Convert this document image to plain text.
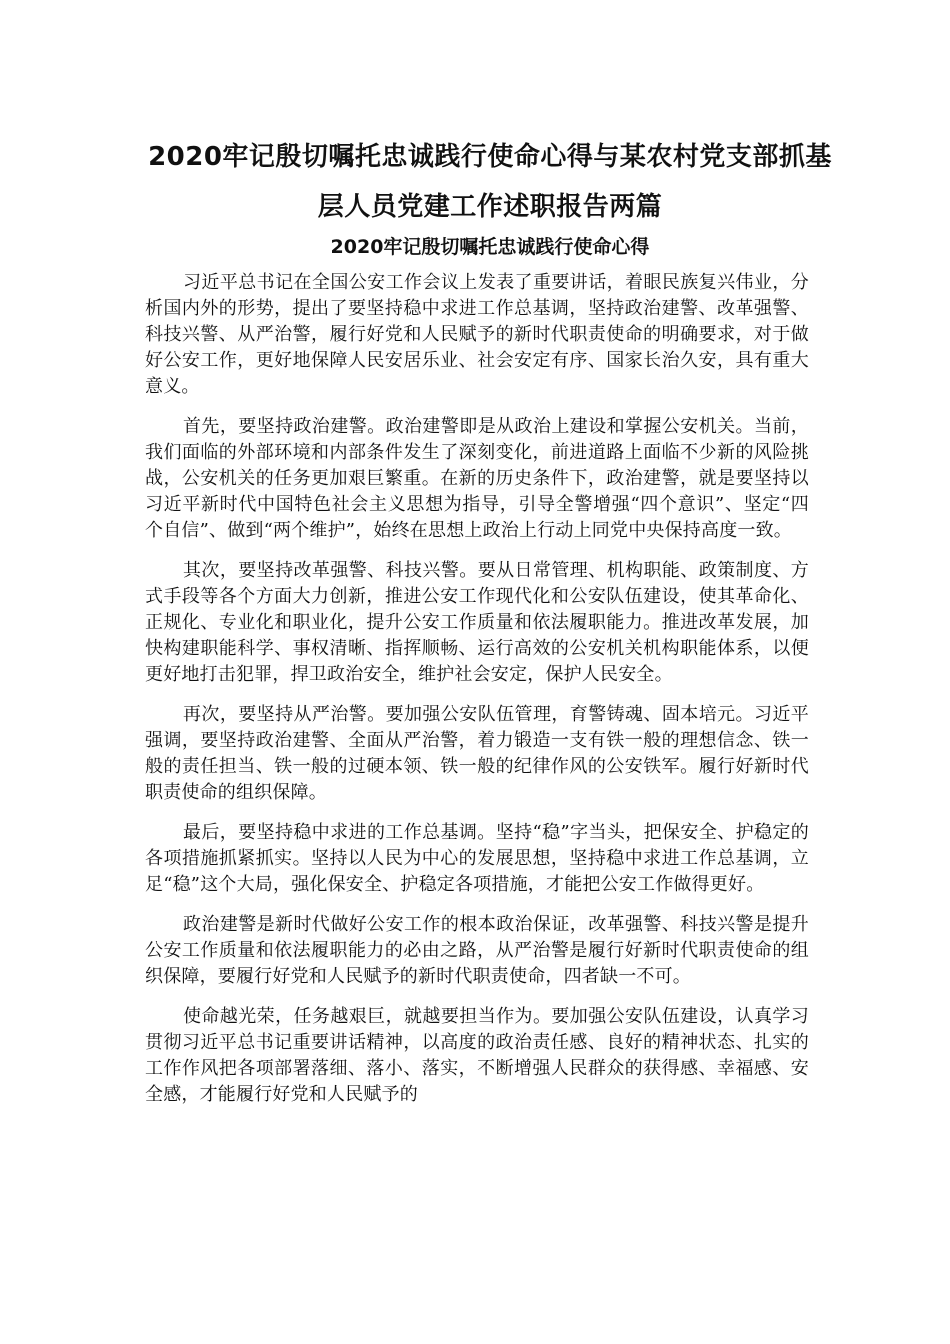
2020牢记殷切嘱托忠诚践行使命心得与某农村党支部抓基层人员党建工作述职报告两篇
2020牢记殷切嘱托忠诚践行使命心得

习近平总书记在全国公安工作会议上发表了重要讲话，着眼民族复兴伟业，分析国内外的形势，提出了要坚持稳中求进工作总基调，坚持政治建警、改革强警、科技兴警、从严治警，履行好党和人民赋予的新时代职责使命的明确要求，对于做好公安工作，更好地保障人民安居乐业、社会安定有序、国家长治久安，具有重大意义。

首先，要坚持政治建警。政治建警即是从政治上建设和掌握公安机关。当前，我们面临的外部环境和内部条件发生了深刻变化，前进道路上面临不少新的风险挑战，公安机关的任务更加艰巨繁重。在新的历史条件下，政治建警，就是要坚持以习近平新时代中国特色社会主义思想为指导，引导全警增强“四个意识”、坚定“四个自信”、做到“两个维护”，始终在思想上政治上行动上同党中央保持高度一致。

其次，要坚持改革强警、科技兴警。要从日常管理、机构职能、政策制度、方式手段等各个方面大力创新，推进公安工作现代化和公安队伍建设，使其革命化、正规化、专业化和职业化，提升公安工作质量和依法履职能力。推进改革发展，加快构建职能科学、事权清晰、指挥顺畅、运行高效的公安机关机构职能体系，以便更好地打击犯罪，捍卫政治安全，维护社会安定，保护人民安全。

再次，要坚持从严治警。要加强公安队伍管理，育警铸魂、固本培元。习近平强调，要坚持政治建警、全面从严治警，着力锻造一支有铁一般的理想信念、铁一般的责任担当、铁一般的过硬本领、铁一般的纪律作风的公安铁军。履行好新时代职责使命的组织保障。

最后，要坚持稳中求进的工作总基调。坚持“稳”字当头，把保安全、护稳定的各项措施抓紧抓实。坚持以人民为中心的发展思想，坚持稳中求进工作总基调，立足“稳”这个大局，强化保安全、护稳定各项措施，才能把公安工作做得更好。

政治建警是新时代做好公安工作的根本政治保证，改革强警、科技兴警是提升公安工作质量和依法履职能力的必由之路，从严治警是履行好新时代职责使命的组织保障，要履行好党和人民赋予的新时代职责使命，四者缺一不可。

使命越光荣，任务越艰巨，就越要担当作为。要加强公安队伍建设，认真学习贯彻习近平总书记重要讲话精神，以高度的政治责任感、良好的精神状态、扎实的工作作风把各项部署落细、落小、落实，不断增强人民群众的获得感、幸福感、安全感，才能履行好党和人民赋予的
